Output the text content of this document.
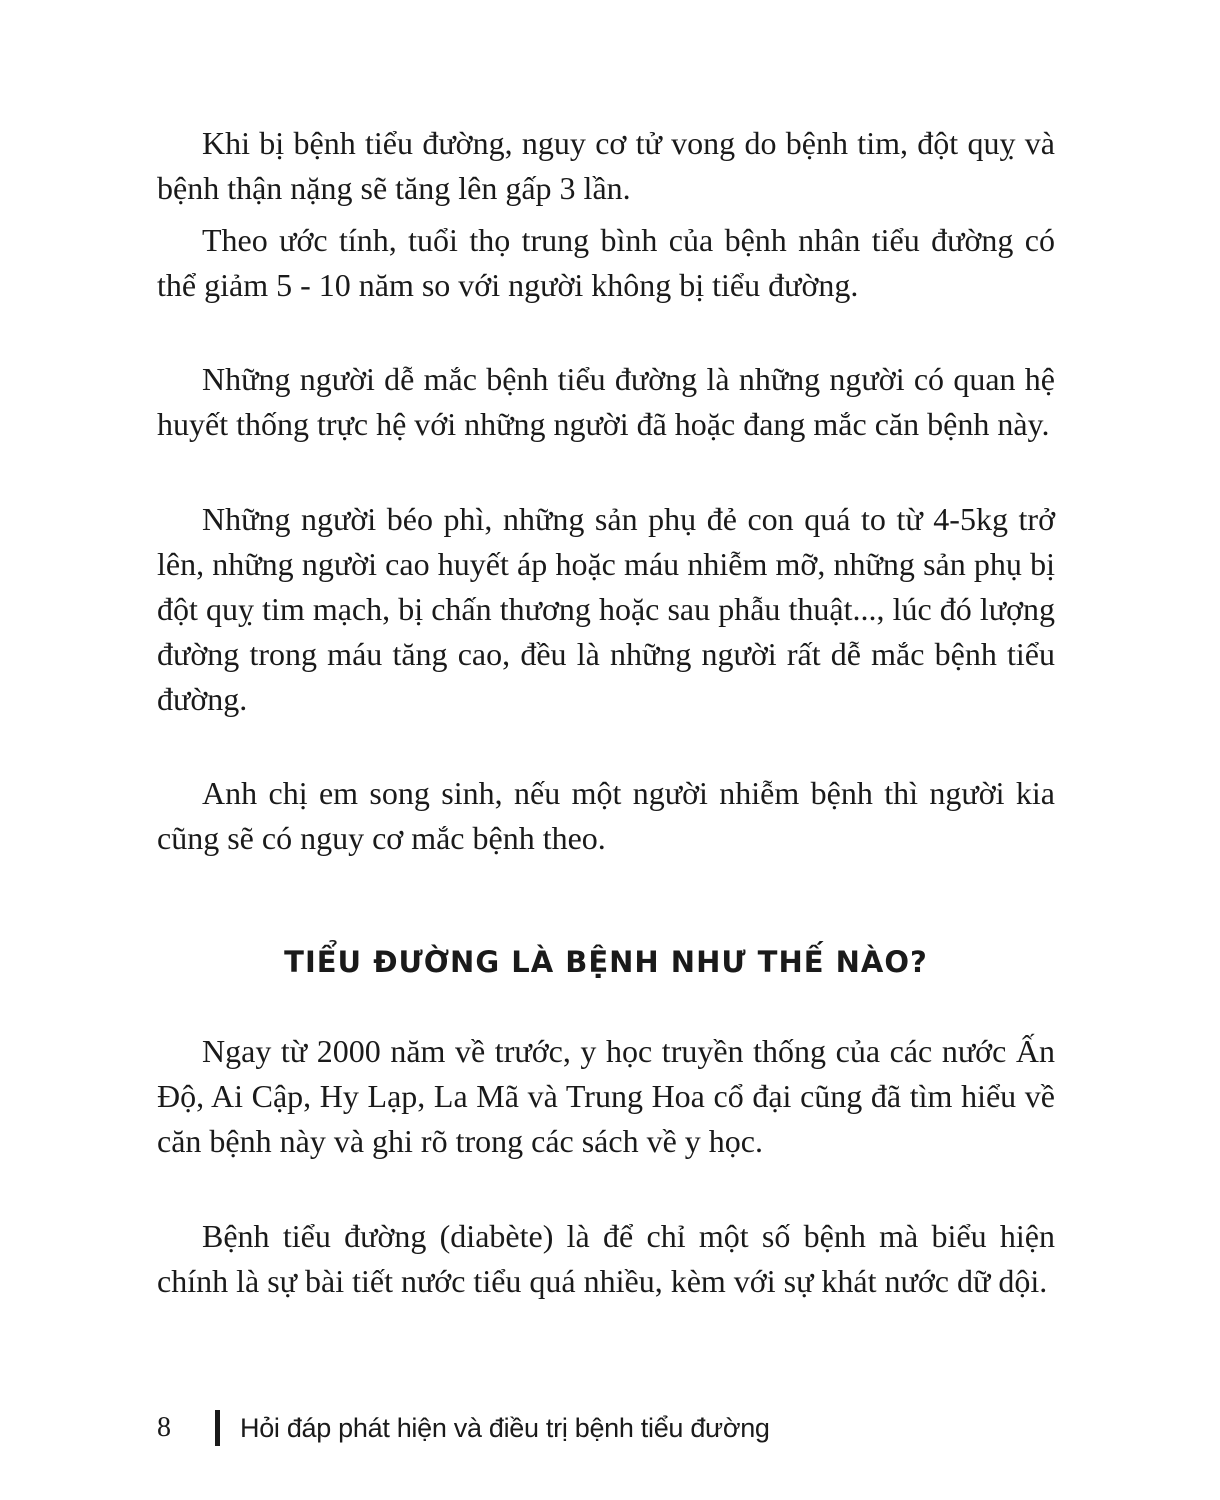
Khi bị bệnh tiểu đường, nguy cơ tử vong do bệnh tim, đột quỵ và bệnh thận nặng sẽ tăng lên gấp 3 lần.

Theo ước tính, tuổi thọ trung bình của bệnh nhân tiểu đường có thể giảm 5 - 10 năm so với người không bị tiểu đường.

Những người dễ mắc bệnh tiểu đường là những người có quan hệ huyết thống trực hệ với những người đã hoặc đang mắc căn bệnh này.

Những người béo phì, những sản phụ đẻ con quá to từ 4-5kg trở lên, những người cao huyết áp hoặc máu nhiễm mỡ, những sản phụ bị đột quỵ tim mạch, bị chấn thương hoặc sau phẫu thuật..., lúc đó lượng đường trong máu tăng cao, đều là những người rất dễ mắc bệnh tiểu đường.

Anh chị em song sinh, nếu một người nhiễm bệnh thì người kia cũng sẽ có nguy cơ mắc bệnh theo.

TIỂU ĐƯỜNG LÀ BỆNH NHƯ THẾ NÀO?

Ngay từ 2000 năm về trước, y học truyền thống của các nước Ấn Độ, Ai Cập, Hy Lạp, La Mã và Trung Hoa cổ đại cũng đã tìm hiểu về căn bệnh này và ghi rõ trong các sách về y học.

Bệnh tiểu đường (diabète) là để chỉ một số bệnh mà biểu hiện chính là sự bài tiết nước tiểu quá nhiều, kèm với sự khát nước dữ dội.

8	Hỏi đáp phát hiện và điều trị bệnh tiểu đường
